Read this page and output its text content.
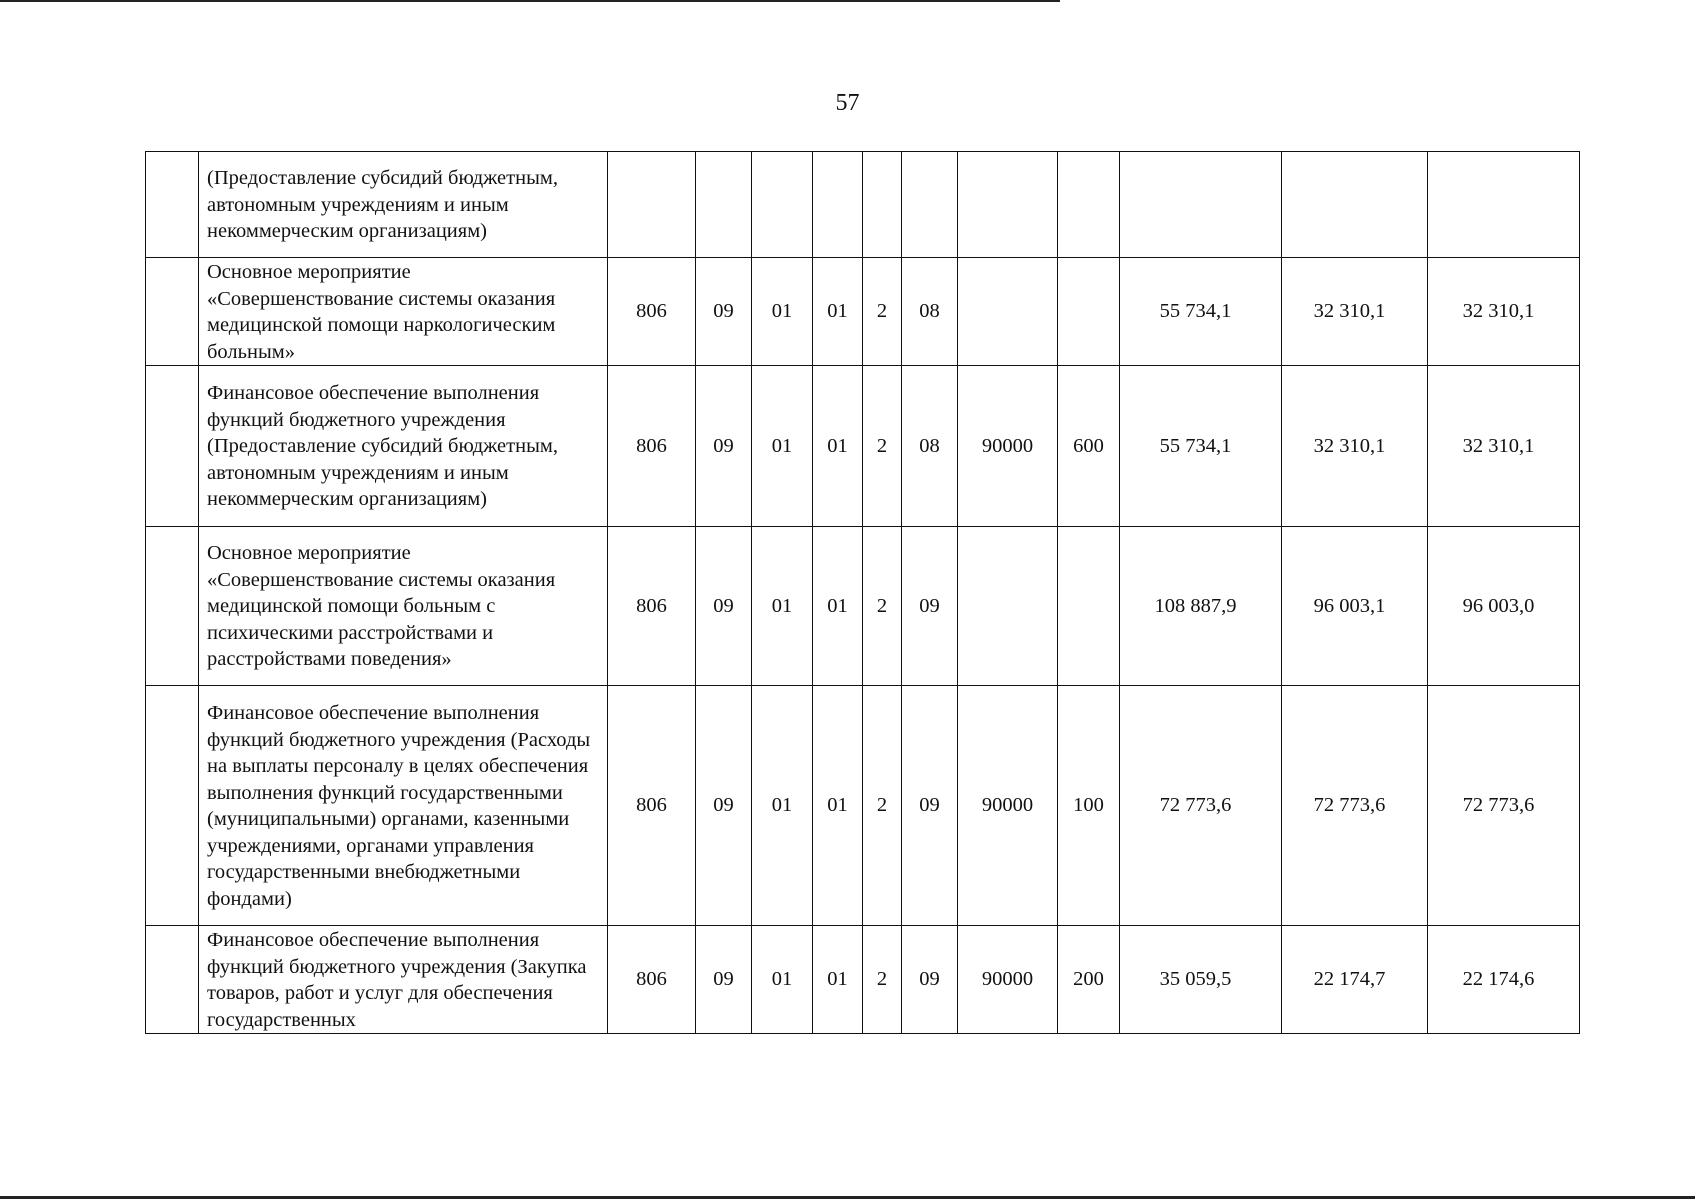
57
	(Предоставление субсидий бюджетным, автономным учреждениям и иным некоммерческим организациям)											
	Основное мероприятие «Совершенствование системы оказания медицинской помощи наркологическим больным»	806	09	01	01	2	08			55 734,1	32 310,1	32 310,1
	Финансовое обеспечение выполнения функций бюджетного учреждения (Предоставление субсидий бюджетным, автономным учреждениям и иным некоммерческим организациям)	806	09	01	01	2	08	90000	600	55 734,1	32 310,1	32 310,1
	Основное мероприятие «Совершенствование системы оказания медицинской помощи больным с психическими расстройствами и расстройствами поведения»	806	09	01	01	2	09			108 887,9	96 003,1	96 003,0
	Финансовое обеспечение выполнения функций бюджетного учреждения (Расходы на выплаты персоналу в целях обеспечения выполнения функций государственными (муниципальными) органами, казенными учреждениями, органами управления государственными внебюджетными фондами)	806	09	01	01	2	09	90000	100	72 773,6	72 773,6	72 773,6
	Финансовое обеспечение выполнения функций бюджетного учреждения (Закупка товаров, работ и услуг для обеспечения государственных	806	09	01	01	2	09	90000	200	35 059,5	22 174,7	22 174,6
